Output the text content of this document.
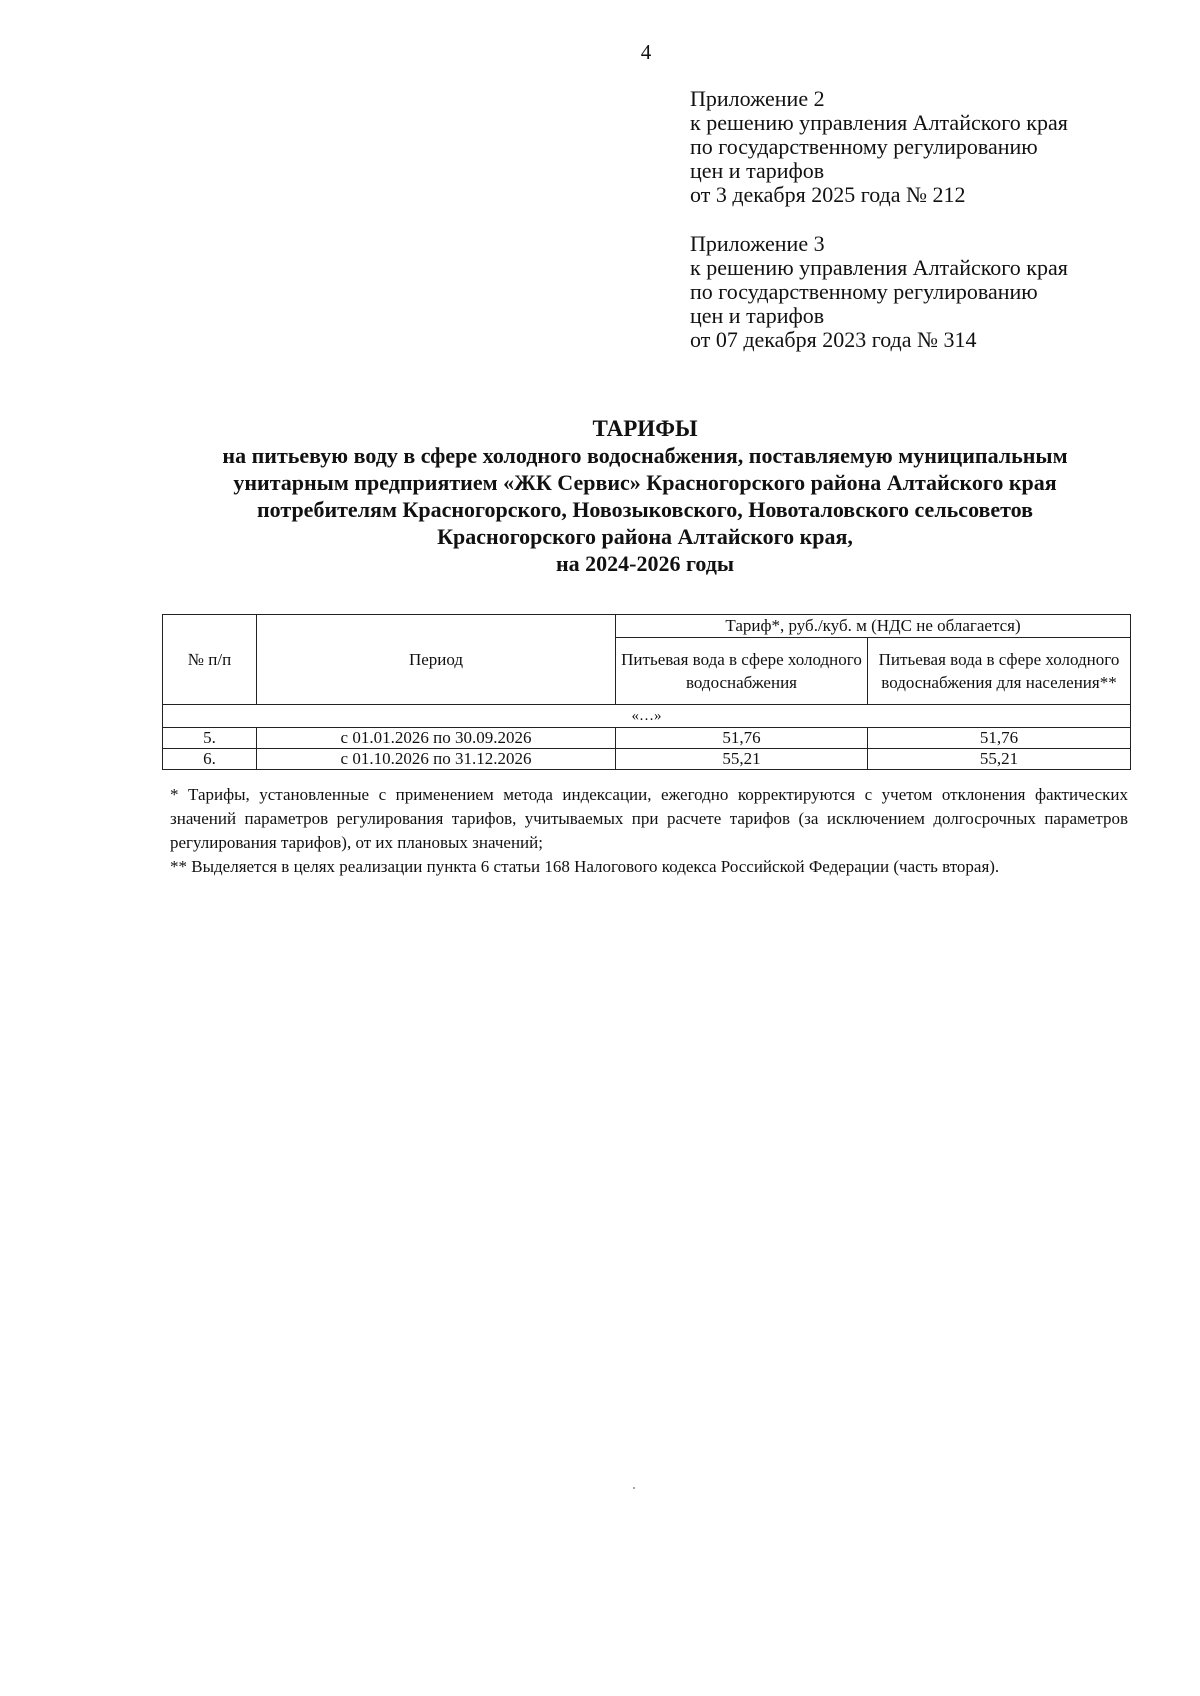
4
Приложение 2
к решению управления Алтайского края
по государственному регулированию
цен и тарифов
от 3 декабря 2025 года № 212
Приложение 3
к решению управления Алтайского края
по государственному регулированию
цен и тарифов
от 07 декабря 2023 года № 314
ТАРИФЫ
на питьевую воду в сфере холодного водоснабжения, поставляемую муниципальным
унитарным предприятием «ЖК Сервис» Красногорского района Алтайского края
потребителям Красногорского, Новозыковского, Новоталовского сельсоветов
Красногорского района Алтайского края,
на 2024-2026 годы
№ п/п	Период	Тариф*, руб./куб. м (НДС не облагается)	
		Питьевая вода в сфере холодного водоснабжения	Питьевая вода в сфере холодного водоснабжения для населения**
«…»			
5.	с 01.01.2026 по 30.09.2026	51,76	51,76
6.	с 01.10.2026 по 31.12.2026	55,21	55,21

* Тарифы, установленные с применением метода индексации, ежегодно корректируются с учетом отклонения фактических значений параметров регулирования тарифов, учитываемых при расчете тарифов (за исключением долгосрочных параметров регулирования тарифов), от их плановых значений;

** Выделяется в целях реализации пункта 6 статьи 168 Налогового кодекса Российской Федерации (часть вторая).
